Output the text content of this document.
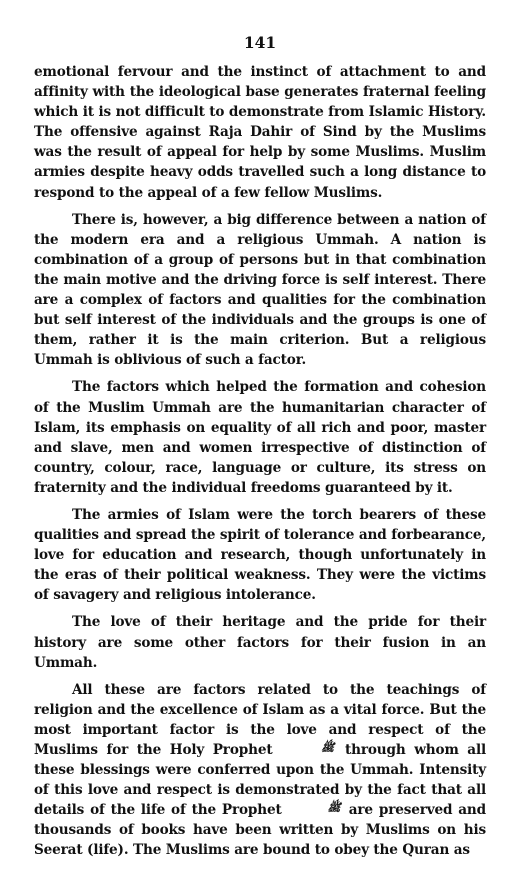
141

emotional fervour and the instinct of attachment to and affinity with the ideological base generates fraternal feeling which it is not difficult to demonstrate from Islamic History. The offensive against Raja Dahir of Sind by the Muslims was the result of appeal for help by some Muslims. Muslim armies despite heavy odds travelled such a long distance to respond to the appeal of a few fellow Muslims.

There is, however, a big difference between a nation of the modern era and a religious Ummah. A nation is combination of a group of persons but in that combination the main motive and the driving force is self interest. There are a complex of factors and qualities for the combination but self interest of the individuals and the groups is one of them, rather it is the main criterion. But a religious Ummah is oblivious of such a factor.

The factors which helped the formation and cohesion of the Muslim Ummah are the humanitarian character of Islam, its emphasis on equality of all rich and poor, master and slave, men and women irrespective of distinction of country, colour, race, language or culture, its stress on fraternity and the individual freedoms guaranteed by it.

The armies of Islam were the torch bearers of these qualities and spread the spirit of tolerance and forbearance, love for education and research, though unfortunately in the eras of their political weakness. They were the victims of savagery and religious intolerance.

The love of their heritage and the pride for their history are some other factors for their fusion in an Ummah.

All these are factors related to the teachings of religion and the excellence of Islam as a vital force. But the most important factor is the love and respect of the Muslims for the Holy Prophet	ﷺ through whom all these blessings were conferred upon the Ummah. Intensity of this love and respect is demonstrated by the fact that all details of the life of the Prophet	ﷺ are preserved and thousands of books have been written by Muslims on his Seerat (life). The Muslims are bound to obey the Quran as
